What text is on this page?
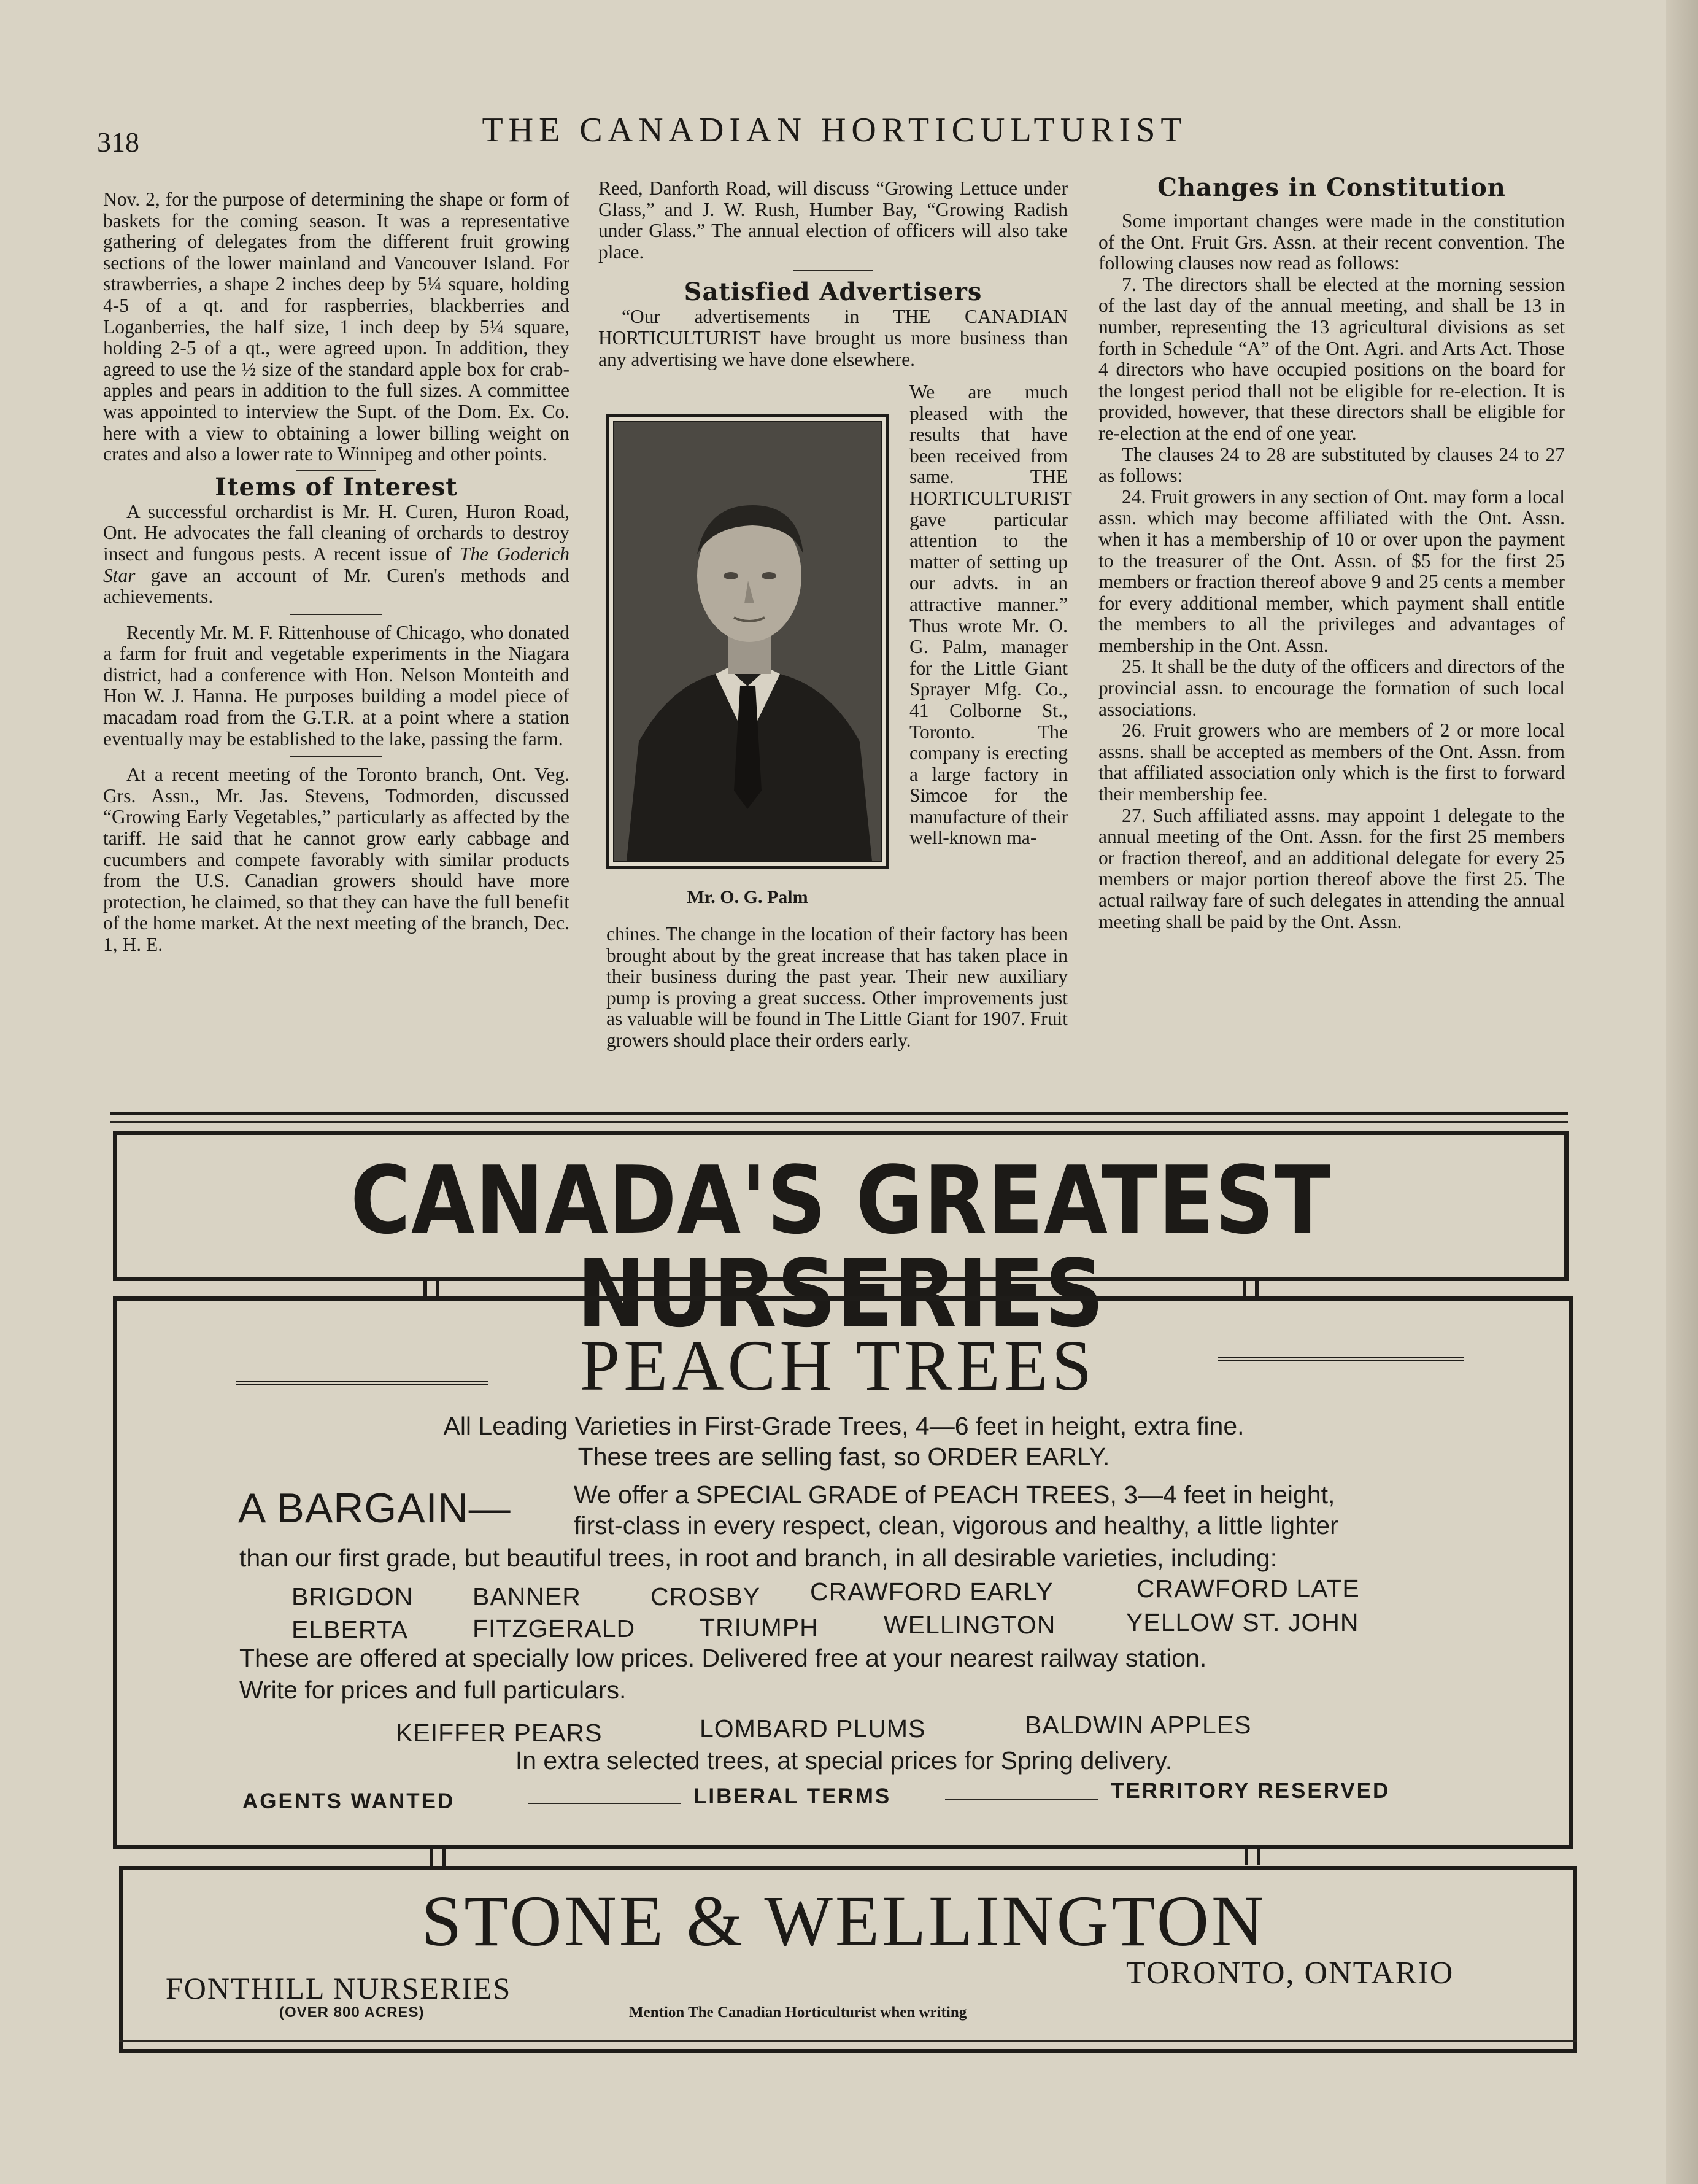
318	THE CANADIAN HORTICULTURIST

Nov. 2, for the purpose of determining the shape or form of baskets for the coming season. It was a representative gathering of delegates from the different fruit growing sections of the lower mainland and Vancouver Island. For strawberries, a shape 2 inches deep by 5¼ square, holding 4-5 of a qt. and for raspberries, blackberries and Loganberries, the half size, 1 inch deep by 5¼ square, holding 2-5 of a qt., were agreed upon. In addition, they agreed to use the ½ size of the standard apple box for crab-apples and pears in addition to the full sizes. A committee was appointed to interview the Supt. of the Dom. Ex. Co. here with a view to obtaining a lower billing weight on crates and also a lower rate to Winnipeg and other points.

Items of Interest

A successful orchardist is Mr. H. Curen, Huron Road, Ont. He advocates the fall cleaning of orchards to destroy insect and fungous pests. A recent issue of The Goderich Star gave an account of Mr. Curen's methods and achievements.

Recently Mr. M. F. Rittenhouse of Chicago, who donated a farm for fruit and vegetable experiments in the Niagara district, had a conference with Hon. Nelson Monteith and Hon W. J. Hanna. He purposes building a model piece of macadam road from the G.T.R. at a point where a station eventually may be established to the lake, passing the farm.

At a recent meeting of the Toronto branch, Ont. Veg. Grs. Assn., Mr. Jas. Stevens, Todmorden, discussed “Growing Early Vegetables,” particularly as affected by the tariff. He said that he cannot grow early cabbage and cucumbers and compete favorably with similar products from the U.S. Canadian growers should have more protection, he claimed, so that they can have the full benefit of the home market. At the next meeting of the branch, Dec. 1, H. E.

Reed, Danforth Road, will discuss “Growing Lettuce under Glass,” and J. W. Rush, Humber Bay, “Growing Radish under Glass.” The annual election of officers will also take place.

Satisfied Advertisers

“Our advertisements in THE CANADIAN HORTICULTURIST have brought us more business than any advertising we have done elsewhere.

Mr. O. G. Palm

We are much pleased with the results that have been received from same. THE HORTICULTURIST gave particular attention to the matter of setting up our advts. in an attractive manner.” Thus wrote Mr. O. G. Palm, manager for the Little Giant Sprayer Mfg. Co., 41 Colborne St., Toronto. The company is erecting a large factory in Simcoe for the manufacture of their well-known ma-

chines. The change in the location of their factory has been brought about by the great increase that has taken place in their business during the past year. Their new auxiliary pump is proving a great success. Other improvements just as valuable will be found in The Little Giant for 1907. Fruit growers should place their orders early.

Changes in Constitution

Some important changes were made in the constitution of the Ont. Fruit Grs. Assn. at their recent convention. The following clauses now read as follows:

7. The directors shall be elected at the morning session of the last day of the annual meeting, and shall be 13 in number, representing the 13 agricultural divisions as set forth in Schedule “A” of the Ont. Agri. and Arts Act. Those 4 directors who have occupied positions on the board for the longest period thall not be eligible for re-election. It is provided, however, that these directors shall be eligible for re-election at the end of one year.

The clauses 24 to 28 are substituted by clauses 24 to 27 as follows:

24. Fruit growers in any section of Ont. may form a local assn. which may become affiliated with the Ont. Assn. when it has a membership of 10 or over upon the payment to the treasurer of the Ont. Assn. of $5 for the first 25 members or fraction thereof above 9 and 25 cents a member for every additional member, which payment shall entitle the members to all the privileges and advantages of membership in the Ont. Assn.

25. It shall be the duty of the officers and directors of the provincial assn. to encourage the formation of such local associations.

26. Fruit growers who are members of 2 or more local assns. shall be accepted as members of the Ont. Assn. from that affiliated association only which is the first to forward their membership fee.

27. Such affiliated assns. may appoint 1 delegate to the annual meeting of the Ont. Assn. for the first 25 members or fraction thereof, and an additional delegate for every 25 members or major portion thereof above the first 25. The actual railway fare of such delegates in attending the annual meeting shall be paid by the Ont. Assn.

CANADA'S GREATEST NURSERIES
PEACH TREES
All Leading Varieties in First-Grade Trees, 4—6 feet in height, extra fine.
These trees are selling fast, so ORDER EARLY.
A BARGAIN— We offer a SPECIAL GRADE of PEACH TREES, 3—4 feet in height,
first-class in every respect, clean, vigorous and healthy, a little lighter
than our first grade, but beautiful trees, in root and branch, in all desirable varieties, including:
BRIGDON BANNER	CROSBY CRAWFORD EARLY	CRAWFORD LATE
ELBERTA	FITZGERALD	TRIUMPH	WELLINGTON	YELLOW ST. JOHN
These are offered at specially low prices. Delivered free at your nearest railway station.
Write for prices and full particulars.
KEIFFER PEARS	LOMBARD PLUMS	BALDWIN APPLES
In extra selected trees, at special prices for Spring delivery.
AGENTS WANTED	LIBERAL TERMS	TERRITORY RESERVED
STONE & WELLINGTON
FONTHILL NURSERIES
(OVER 800 ACRES)	Mention The Canadian Horticulturist when writing
TORONTO, ONTARIO
